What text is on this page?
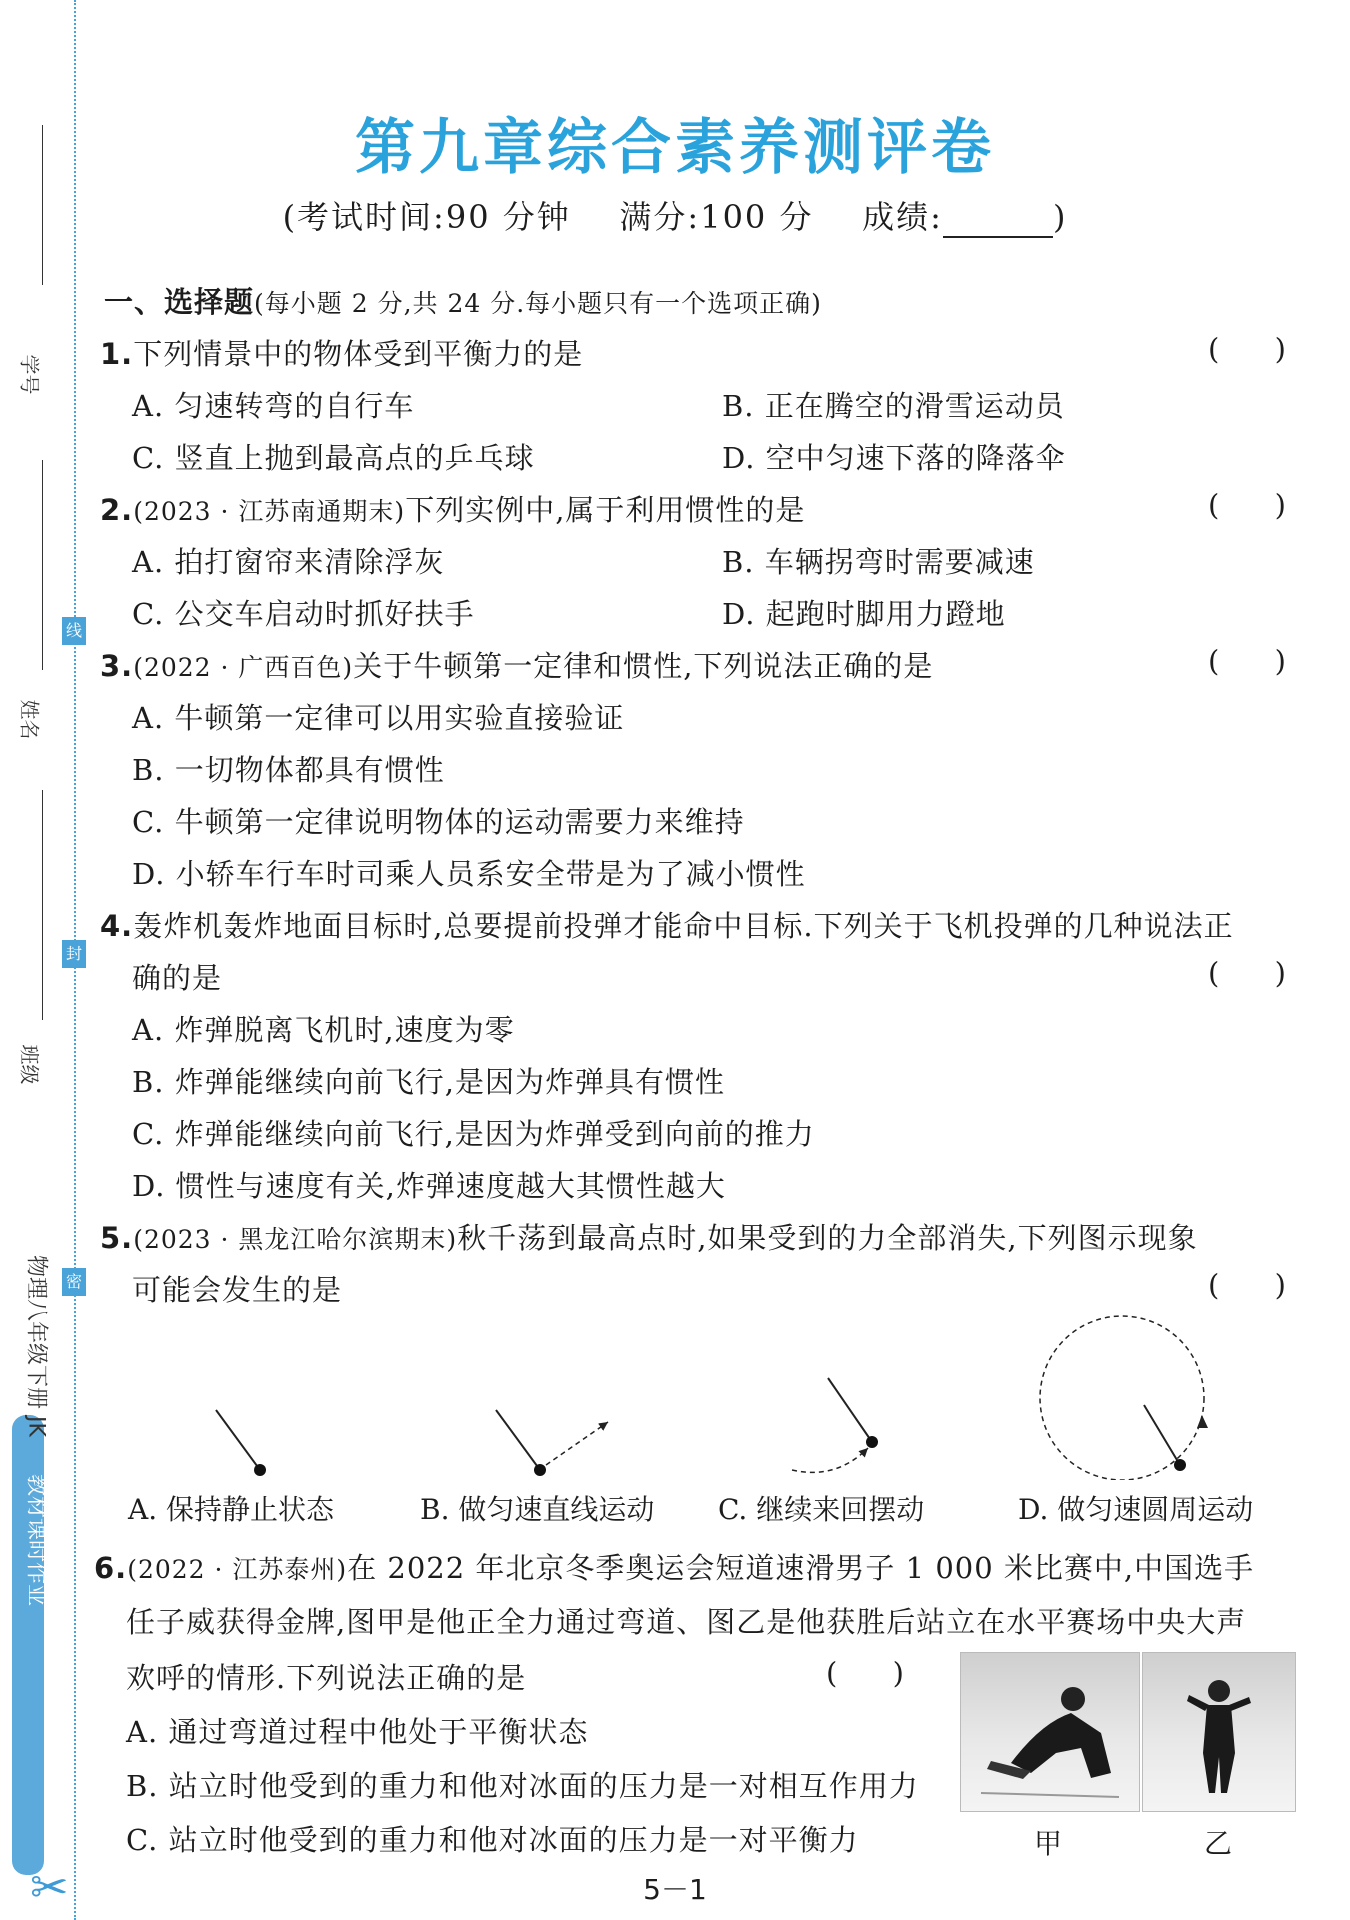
学号
姓名
班级
线
封
密
物理八年级下册 JK 教材课时作业
✂
第九章综合素养测评卷
(考试时间:90 分钟 满分:100 分 成绩:	)
一、选择题(每小题 2 分,共 24 分.每小题只有一个选项正确)
1.下列情景中的物体受到平衡力的是	(      )
A. 匀速转弯的自行车	B. 正在腾空的滑雪运动员
C. 竖直上抛到最高点的乒乓球	D. 空中匀速下落的降落伞
2.(2023 · 江苏南通期末)下列实例中,属于利用惯性的是	(      )
A. 拍打窗帘来清除浮灰	B. 车辆拐弯时需要减速
C. 公交车启动时抓好扶手	D. 起跑时脚用力蹬地
3.(2022 · 广西百色)关于牛顿第一定律和惯性,下列说法正确的是	(      )
A. 牛顿第一定律可以用实验直接验证
B. 一切物体都具有惯性
C. 牛顿第一定律说明物体的运动需要力来维持
D. 小轿车行车时司乘人员系安全带是为了减小惯性
4.轰炸机轰炸地面目标时,总要提前投弹才能命中目标.下列关于飞机投弹的几种说法正
确的是	(      )
A. 炸弹脱离飞机时,速度为零
B. 炸弹能继续向前飞行,是因为炸弹具有惯性
C. 炸弹能继续向前飞行,是因为炸弹受到向前的推力
D. 惯性与速度有关,炸弹速度越大其惯性越大
5.(2023 · 黑龙江哈尔滨期末)秋千荡到最高点时,如果受到的力全部消失,下列图示现象
可能会发生的是	(      )
A. 保持静止状态	B. 做匀速直线运动 C. 继续来回摆动	D. 做匀速圆周运动
6.(2022 · 江苏泰州)在 2022 年北京冬季奥运会短道速滑男子 1 000 米比赛中,中国选手
任子威获得金牌,图甲是他正全力通过弯道、图乙是他获胜后站立在水平赛场中央大声
欢呼的情形.下列说法正确的是	(      )
A. 通过弯道过程中他处于平衡状态
B. 站立时他受到的重力和他对冰面的压力是一对相互作用力
C. 站立时他受到的重力和他对冰面的压力是一对平衡力	甲	乙
5－1
